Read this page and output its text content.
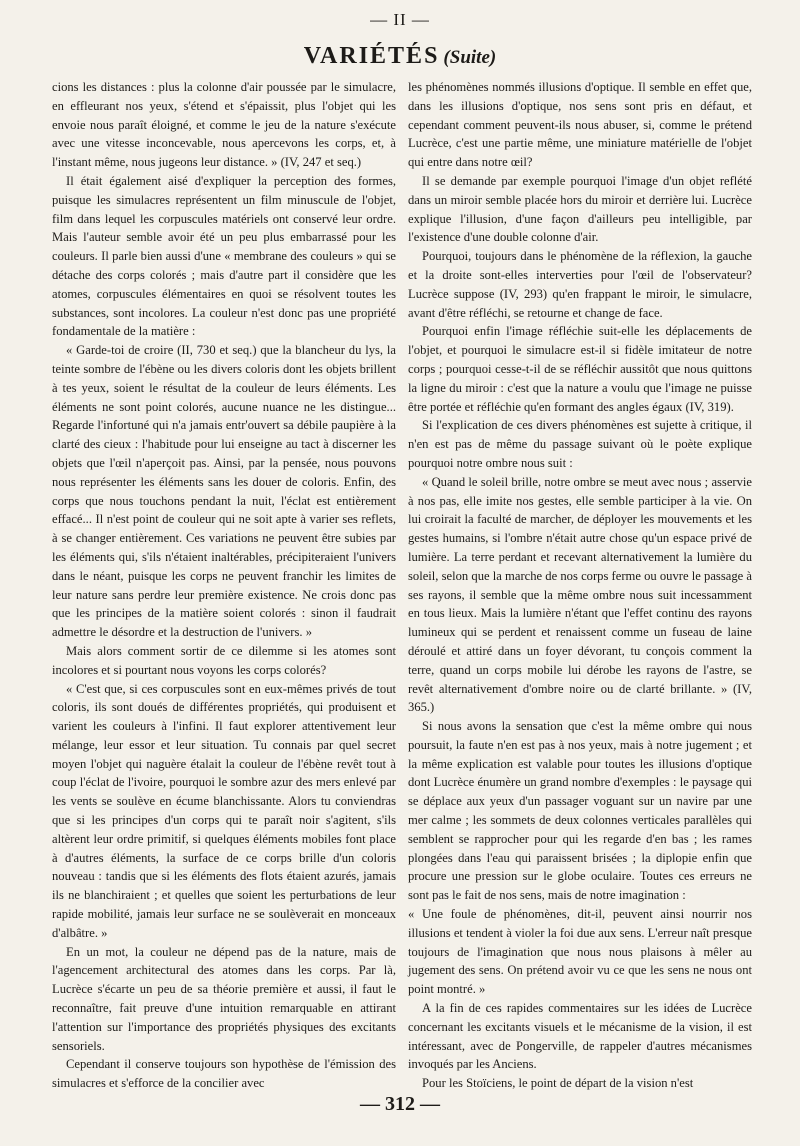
— II —
VARIÉTÉS (Suite)

cions les distances : plus la colonne d'air poussée par le simulacre, en effleurant nos yeux, s'étend et s'épaissit, plus l'objet qui les envoie nous paraît éloigné, et comme le jeu de la nature s'exécute avec une vitesse inconcevable, nous apercevons les corps, et, à l'instant même, nous jugeons leur distance. » (IV, 247 et seq.)

Il était également aisé d'expliquer la perception des formes, puisque les simulacres représentent un film minuscule de l'objet, film dans lequel les corpuscules matériels ont conservé leur ordre. Mais l'auteur semble avoir été un peu plus embarrassé pour les couleurs. Il parle bien aussi d'une « membrane des couleurs » qui se détache des corps colorés ; mais d'autre part il considère que les atomes, corpuscules élémentaires en quoi se résolvent toutes les substances, sont incolores. La couleur n'est donc pas une propriété fondamentale de la matière :

« Garde-toi de croire (II, 730 et seq.) que la blancheur du lys, la teinte sombre de l'ébène ou les divers coloris dont les objets brillent à tes yeux, soient le résultat de la couleur de leurs éléments. Les éléments ne sont point colorés, aucune nuance ne les distingue... Regarde l'infortuné qui n'a jamais entr'ouvert sa débile paupière à la clarté des cieux : l'habitude pour lui enseigne au tact à discerner les objets que l'œil n'aperçoit pas. Ainsi, par la pensée, nous pouvons nous représenter les éléments sans les douer de coloris. Enfin, des corps que nous touchons pendant la nuit, l'éclat est entièrement effacé... Il n'est point de couleur qui ne soit apte à varier ses reflets, à se changer entièrement. Ces variations ne peuvent être subies par les éléments qui, s'ils n'étaient inaltérables, précipiteraient l'univers dans le néant, puisque les corps ne peuvent franchir les limites de leur nature sans perdre leur première existence. Ne crois donc pas que les principes de la matière soient colorés : sinon il faudrait admettre le désordre et la destruction de l'univers. »

Mais alors comment sortir de ce dilemme si les atomes sont incolores et si pourtant nous voyons les corps colorés?

« C'est que, si ces corpuscules sont en eux-mêmes privés de tout coloris, ils sont doués de différentes propriétés, qui produisent et varient les couleurs à l'infini. Il faut explorer attentivement leur mélange, leur essor et leur situation. Tu connais par quel secret moyen l'objet qui naguère étalait la couleur de l'ébène revêt tout à coup l'éclat de l'ivoire, pourquoi le sombre azur des mers enlevé par les vents se soulève en écume blanchissante. Alors tu conviendras que si les principes d'un corps qui te paraît noir s'agitent, s'ils altèrent leur ordre primitif, si quelques éléments mobiles font place à d'autres éléments, la surface de ce corps brille d'un coloris nouveau : tandis que si les éléments des flots étaient azurés, jamais ils ne blanchiraient ; et quelles que soient les perturbations de leur rapide mobilité, jamais leur surface ne se soulèverait en monceaux d'albâtre. »

En un mot, la couleur ne dépend pas de la nature, mais de l'agencement architectural des atomes dans les corps. Par là, Lucrèce s'écarte un peu de sa théorie première et aussi, il faut le reconnaître, fait preuve d'une intuition remarquable en attirant l'attention sur l'importance des propriétés physiques des excitants sensoriels.

Cependant il conserve toujours son hypothèse de l'émission des simulacres et s'efforce de la concilier avec

les phénomènes nommés illusions d'optique. Il semble en effet que, dans les illusions d'optique, nos sens sont pris en défaut, et cependant comment peuvent-ils nous abuser, si, comme le prétend Lucrèce, c'est une partie même, une miniature matérielle de l'objet qui entre dans notre œil?

Il se demande par exemple pourquoi l'image d'un objet reflété dans un miroir semble placée hors du miroir et derrière lui. Lucrèce explique l'illusion, d'une façon d'ailleurs peu intelligible, par l'existence d'une double colonne d'air.

Pourquoi, toujours dans le phénomène de la réflexion, la gauche et la droite sont-elles interverties pour l'œil de l'observateur? Lucrèce suppose (IV, 293) qu'en frappant le miroir, le simulacre, avant d'être réfléchi, se retourne et change de face.

Pourquoi enfin l'image réfléchie suit-elle les déplacements de l'objet, et pourquoi le simulacre est-il si fidèle imitateur de notre corps ; pourquoi cesse-t-il de se réfléchir aussitôt que nous quittons la ligne du miroir : c'est que la nature a voulu que l'image ne puisse être portée et réfléchie qu'en formant des angles égaux (IV, 319).

Si l'explication de ces divers phénomènes est sujette à critique, il n'en est pas de même du passage suivant où le poète explique pourquoi notre ombre nous suit :

« Quand le soleil brille, notre ombre se meut avec nous ; asservie à nos pas, elle imite nos gestes, elle semble participer à la vie. On lui croirait la faculté de marcher, de déployer les mouvements et les gestes humains, si l'ombre n'était autre chose qu'un espace privé de lumière. La terre perdant et recevant alternativement la lumière du soleil, selon que la marche de nos corps ferme ou ouvre le passage à ses rayons, il semble que la même ombre nous suit incessamment en tous lieux. Mais la lumière n'étant que l'effet continu des rayons lumineux qui se perdent et renaissent comme un fuseau de laine déroulé et attiré dans un foyer dévorant, tu conçois comment la terre, quand un corps mobile lui dérobe les rayons de l'astre, se revêt alternativement d'ombre noire ou de clarté brillante. » (IV, 365.)

Si nous avons la sensation que c'est la même ombre qui nous poursuit, la faute n'en est pas à nos yeux, mais à notre jugement ; et la même explication est valable pour toutes les illusions d'optique dont Lucrèce énumère un grand nombre d'exemples : le paysage qui se déplace aux yeux d'un passager voguant sur un navire par une mer calme ; les sommets de deux colonnes verticales parallèles qui semblent se rapprocher pour qui les regarde d'en bas ; les rames plongées dans l'eau qui paraissent brisées ; la diplopie enfin que procure une pression sur le globe oculaire. Toutes ces erreurs ne sont pas le fait de nos sens, mais de notre imagination :

« Une foule de phénomènes, dit-il, peuvent ainsi nourrir nos illusions et tendent à violer la foi due aux sens. L'erreur naît presque toujours de l'imagination que nous nous plaisons à mêler au jugement des sens. On prétend avoir vu ce que les sens ne nous ont point montré. »

A la fin de ces rapides commentaires sur les idées de Lucrèce concernant les excitants visuels et le mécanisme de la vision, il est intéressant, avec de Pongerville, de rappeler d'autres mécanismes invoqués par les Anciens.

Pour les Stoïciens, le point de départ de la vision n'est

— 312 —
